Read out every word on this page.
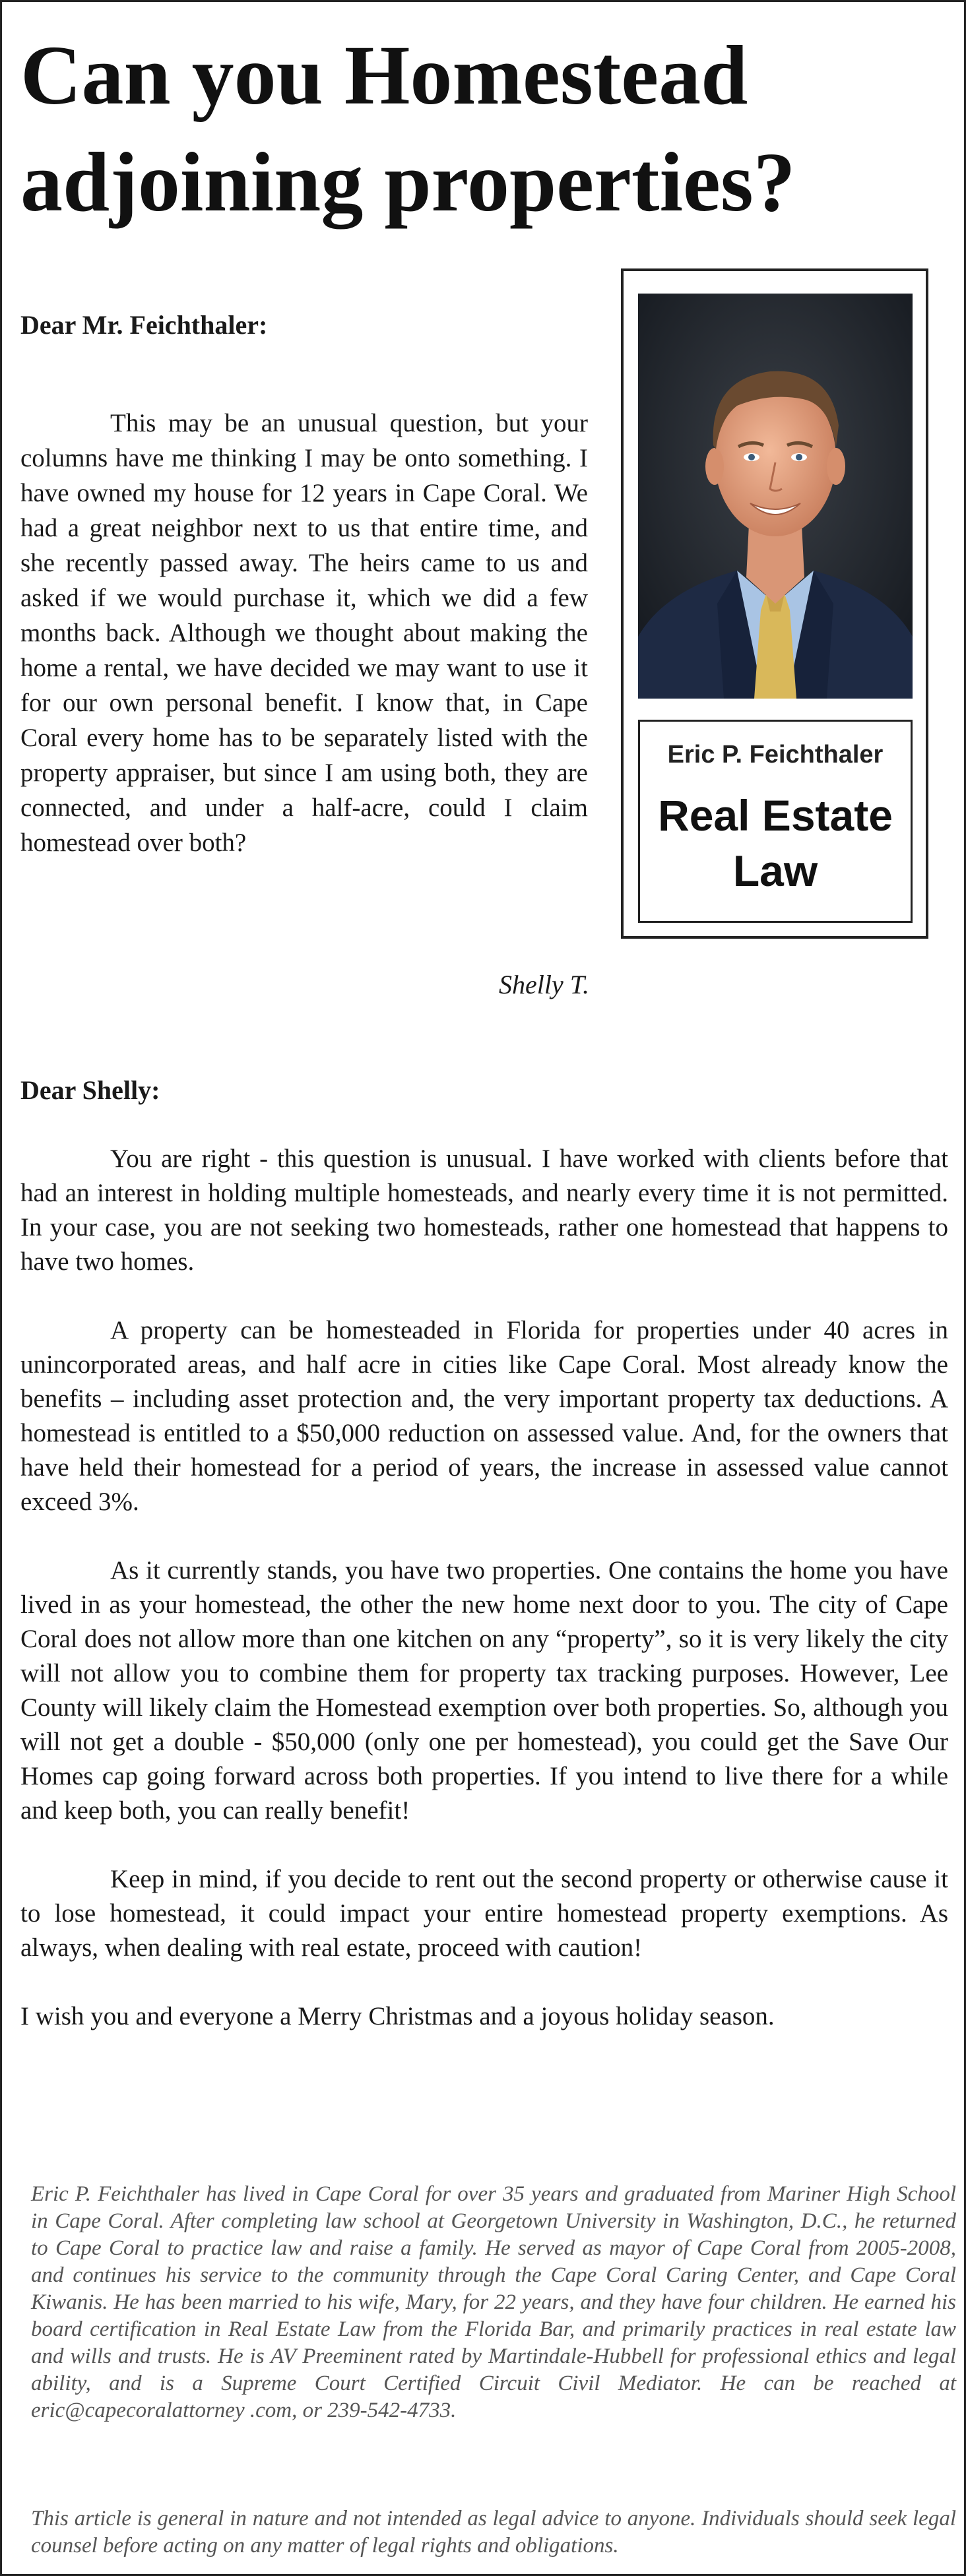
Can you Homestead adjoining properties?

Dear Mr. Feichthaler:

This may be an unusual question, but your columns have me thinking I may be onto something. I have owned my house for 12 years in Cape Coral. We had a great neighbor next to us that entire time, and she recently passed away. The heirs came to us and asked if we would purchase it, which we did a few months back. Although we thought about making the home a rental, we have decided we may want to use it for our own personal benefit. I know that, in Cape Coral every home has to be separately listed with the property appraiser, but since I am using both, they are connected, and under a half-acre, could I claim homestead over both?

Shelly T.

Eric P. Feichthaler
Real Estate Law

Dear Shelly:

You are right - this question is unusual. I have worked with clients before that had an interest in holding multiple homesteads, and nearly every time it is not permitted. In your case, you are not seeking two homesteads, rather one homestead that happens to have two homes.

A property can be homesteaded in Florida for properties under 40 acres in unincorporated areas, and half acre in cities like Cape Coral. Most already know the benefits – including asset protection and, the very important property tax deductions. A homestead is entitled to a $50,000 reduction on assessed value. And, for the owners that have held their homestead for a period of years, the increase in assessed value cannot exceed 3%.

As it currently stands, you have two properties. One contains the home you have lived in as your homestead, the other the new home next door to you. The city of Cape Coral does not allow more than one kitchen on any “property”, so it is very likely the city will not allow you to combine them for property tax tracking purposes. However, Lee County will likely claim the Homestead exemption over both properties. So, although you will not get a double - $50,000 (only one per homestead), you could get the Save Our Homes cap going forward across both properties. If you intend to live there for a while and keep both, you can really benefit!

Keep in mind, if you decide to rent out the second property or otherwise cause it to lose homestead, it could impact your entire homestead property exemptions. As always, when dealing with real estate, proceed with caution!

I wish you and everyone a Merry Christmas and a joyous holiday season.

Eric P. Feichthaler has lived in Cape Coral for over 35 years and graduated from Mariner High School in Cape Coral. After completing law school at Georgetown University in Washington, D.C., he returned to Cape Coral to practice law and raise a family. He served as mayor of Cape Coral from 2005-2008, and continues his service to the community through the Cape Coral Caring Center, and Cape Coral Kiwanis. He has been married to his wife, Mary, for 22 years, and they have four children. He earned his board certification in Real Estate Law from the Florida Bar, and primarily practices in real estate law and wills and trusts. He is AV Preeminent rated by Martindale-Hubbell for professional ethics and legal ability, and is a Supreme Court Certified Circuit Civil Mediator. He can be reached at eric@capecoralattorney .com, or 239-542-4733.

This article is general in nature and not intended as legal advice to anyone. Individuals should seek legal counsel before acting on any matter of legal rights and obligations.
